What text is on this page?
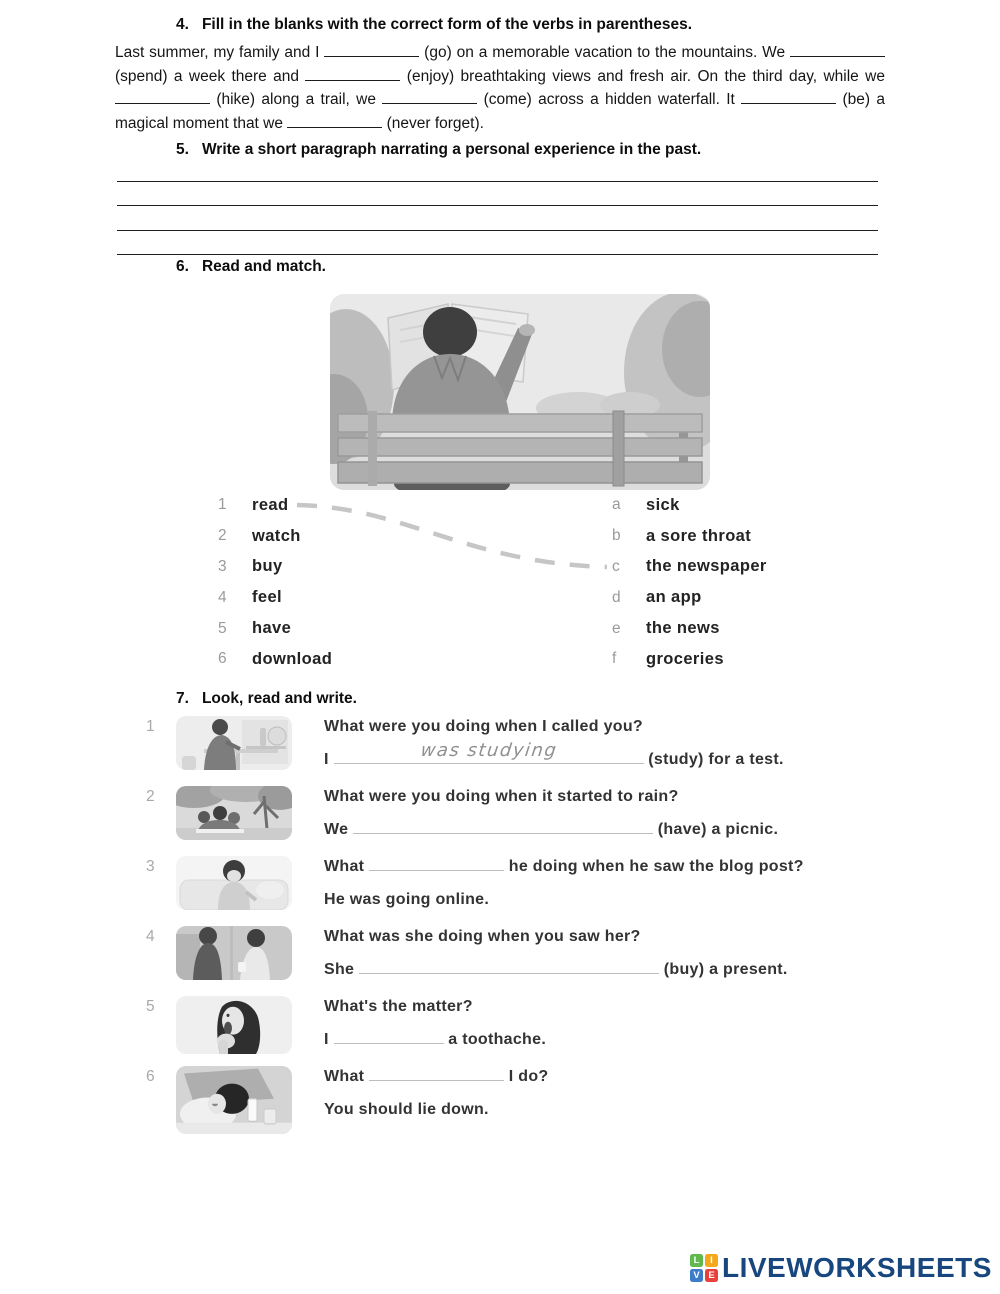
4. Fill in the blanks with the correct form of the verbs in parentheses.
Last summer, my family and I	(go) on a memorable vacation to the mountains. We  (spend) a week there and	(enjoy) breathtaking views and fresh air. On the third day, while we  (hike) along a trail, we	(come) across a hidden waterfall. It	(be) a magical moment that we	(never forget).
5. Write a short paragraph narrating a personal experience in the past.
6. Read and match.
1	read
2	watch
3	buy
4	feel
5	have
6	download
a	sick
b	a sore throat
c	the newspaper
d	an app
e	the news
f	groceries
7. Look, read and write.
1	What were you doing when I called you?
I	was studying	(study) for a test.
2	What were you doing when it started to rain?
We	(have) a picnic.
3	What	he doing when he saw the blog post?
He was going online.
4	What was she doing when you saw her?
She	(buy) a present.
5	What's the matter?
I	a toothache.
6	What	I do?
You should lie down.
L	I
V E LIVEWORKSHEETS
